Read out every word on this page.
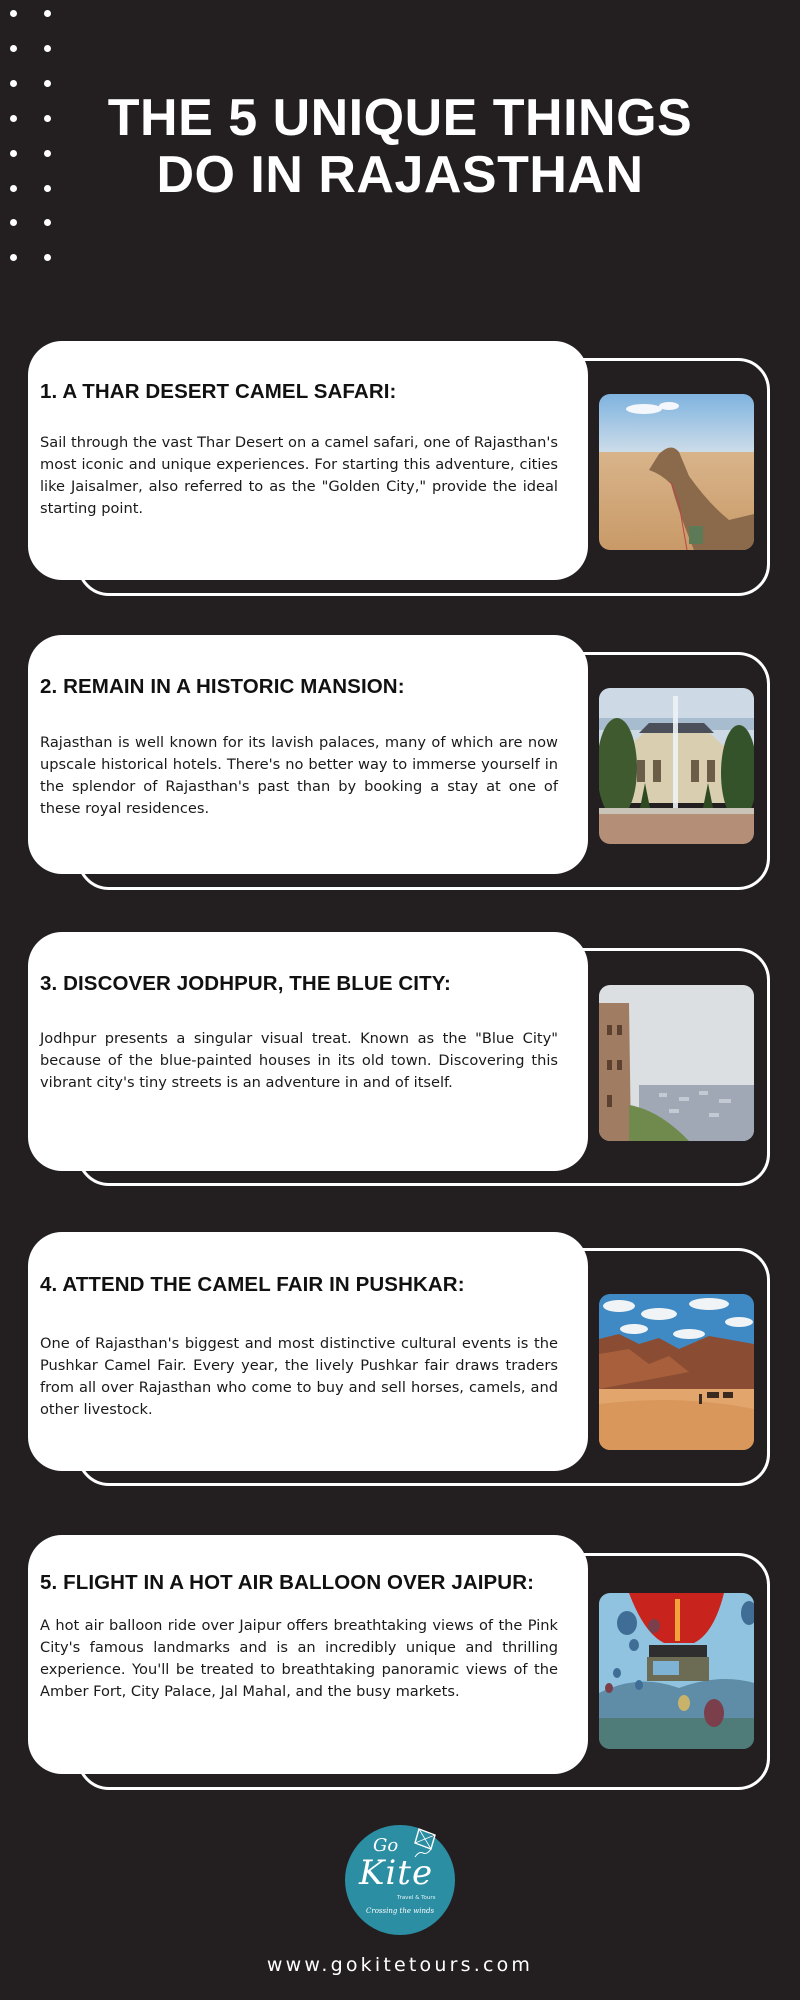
THE 5 UNIQUE THINGS
DO IN RAJASTHAN
1. A THAR DESERT CAMEL SAFARI:
Sail through the vast Thar Desert on a camel safari, one of Rajasthan's most iconic and unique experiences. For starting this adventure, cities like Jaisalmer, also referred to as the "Golden City," provide the ideal starting point.
2. REMAIN IN A HISTORIC MANSION:
Rajasthan is well known for its lavish palaces, many of which are now upscale historical hotels. There's no better way to immerse yourself in the splendor of Rajasthan's past than by booking a stay at one of these royal residences.
3. DISCOVER JODHPUR, THE BLUE CITY:
Jodhpur presents a singular visual treat. Known as the "Blue City" because of the blue-painted houses in its old town. Discovering this vibrant city's tiny streets is an adventure in and of itself.
4. ATTEND THE CAMEL FAIR IN PUSHKAR:
One of Rajasthan's biggest and most distinctive cultural events is the Pushkar Camel Fair. Every year, the lively Pushkar fair draws traders from all over Rajasthan who come to buy and sell horses, camels, and other livestock.
5. FLIGHT IN A HOT AIR BALLOON OVER JAIPUR:
A hot air balloon ride over Jaipur offers breathtaking views of the Pink City's famous landmarks and is an incredibly unique and thrilling experience. You'll be treated to breathtaking panoramic views of the Amber Fort, City Palace, Jal Mahal, and the busy markets.
Go
Kite
Travel & Tours
Crossing the winds
www.gokitetours.com
